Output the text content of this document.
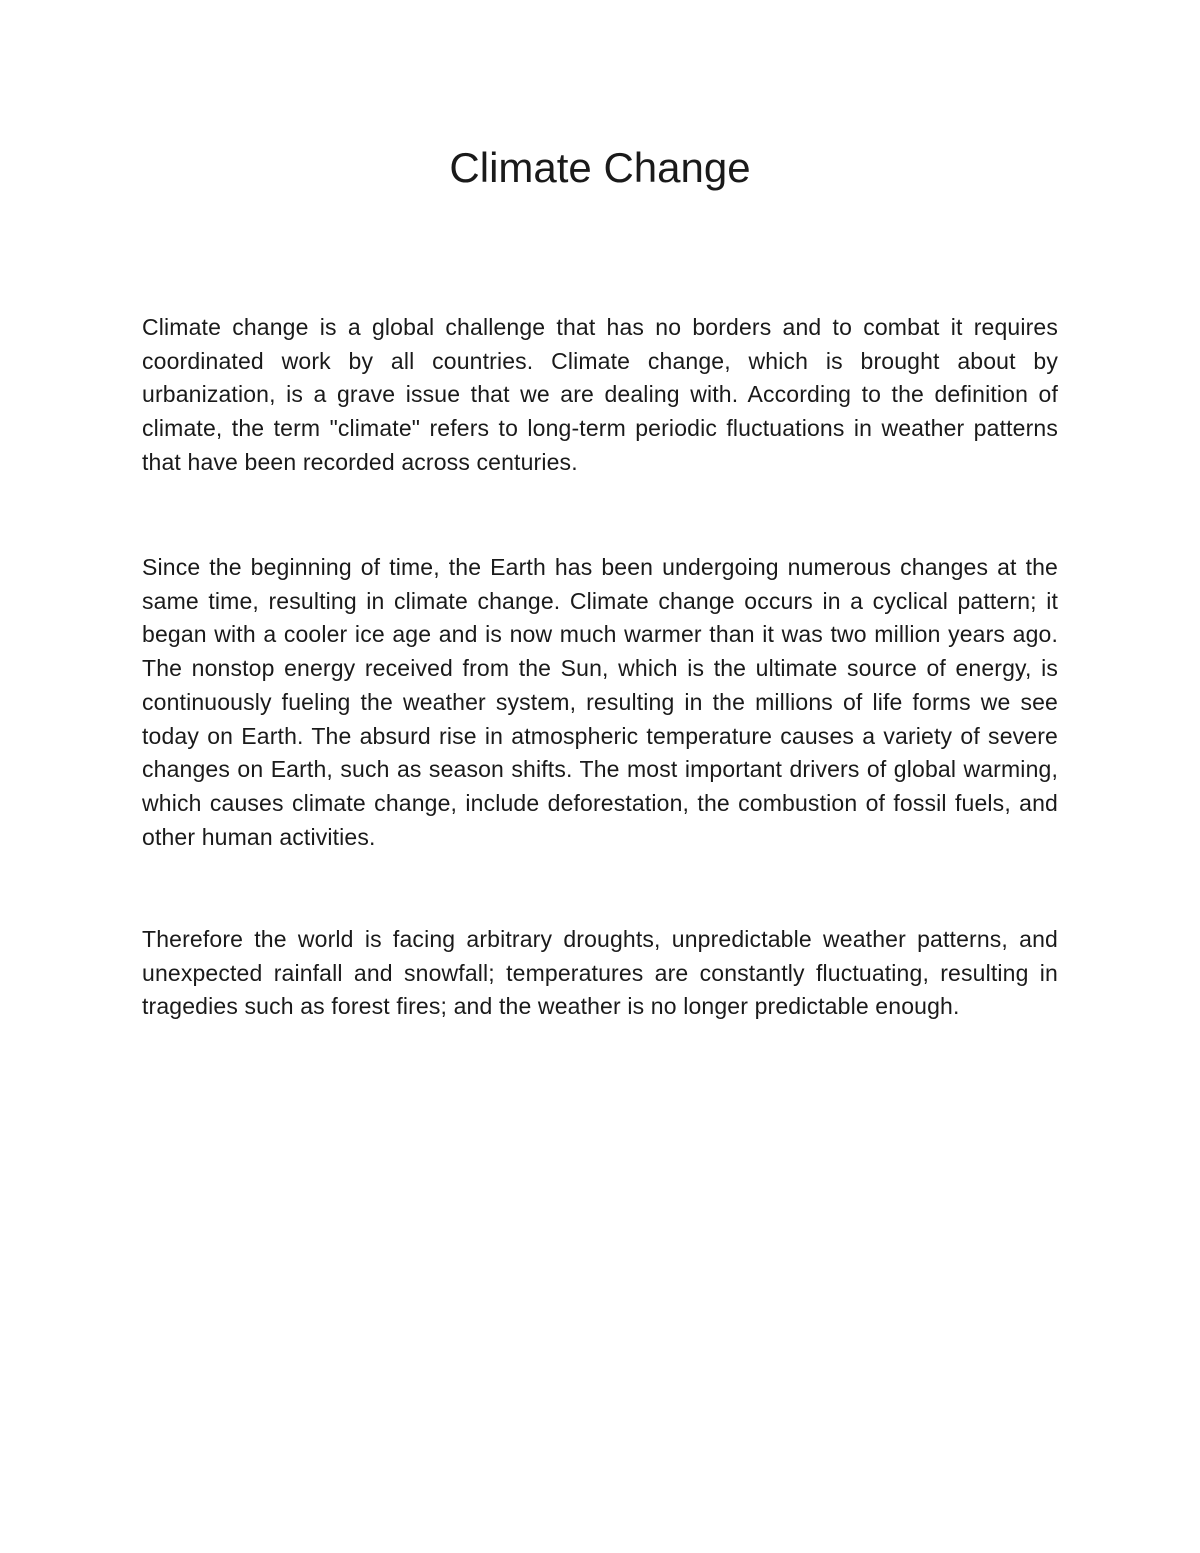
Climate Change

Climate change is a global challenge that has no borders and to combat it requires coordinated work by all countries. Climate change, which is brought about by urbanization, is a grave issue that we are dealing with. According to the definition of climate, the term "climate" refers to long-term periodic fluctuations in weather patterns that have been recorded across centuries.

Since the beginning of time, the Earth has been undergoing numerous changes at the same time, resulting in climate change. Climate change occurs in a cyclical pattern; it began with a cooler ice age and is now much warmer than it was two million years ago. The nonstop energy received from the Sun, which is the ultimate source of energy, is continuously fueling the weather system, resulting in the millions of life forms we see today on Earth. The absurd rise in atmospheric temperature causes a variety of severe changes on Earth, such as season shifts. The most important drivers of global warming, which causes climate change, include deforestation, the combustion of fossil fuels, and other human activities.

Therefore the world is facing arbitrary droughts, unpredictable weather patterns, and unexpected rainfall and snowfall; temperatures are constantly fluctuating, resulting in tragedies such as forest fires; and the weather is no longer predictable enough.
